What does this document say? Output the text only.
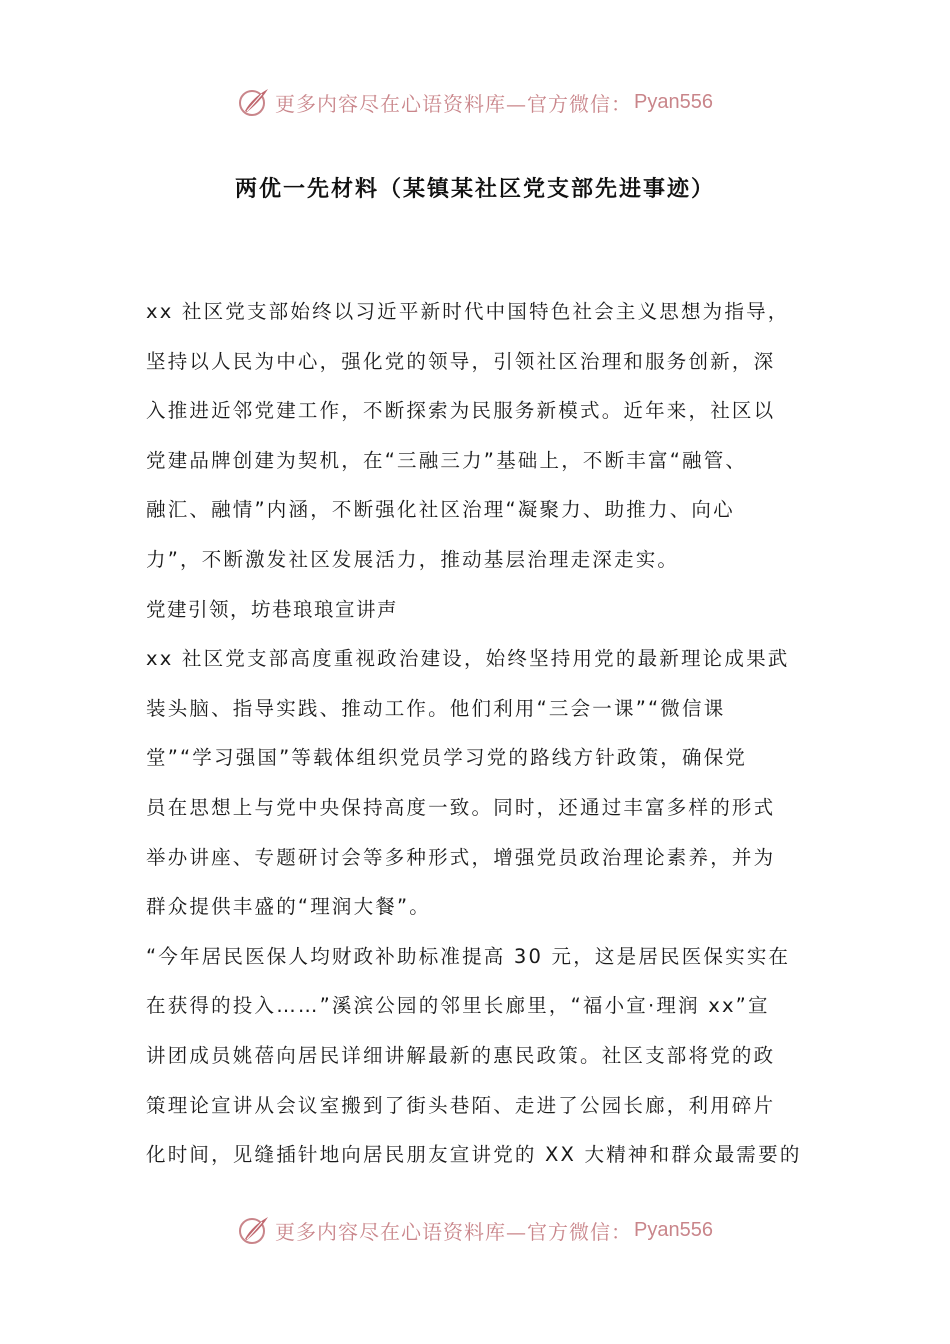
更多内容尽在心语资料库—官方微信： Pyan556
两优一先材料（某镇某社区党支部先进事迹）
xx 社区党支部始终以习近平新时代中国特色社会主义思想为指导，
坚持以人民为中心，强化党的领导，引领社区治理和服务创新，深
入推进近邻党建工作，不断探索为民服务新模式。近年来，社区以
党建品牌创建为契机，在“三融三力”基础上，不断丰富“融管、
融汇、融情”内涵，不断强化社区治理“凝聚力、助推力、向心
力”，不断激发社区发展活力，推动基层治理走深走实。
党建引领，坊巷琅琅宣讲声
xx 社区党支部高度重视政治建设，始终坚持用党的最新理论成果武
装头脑、指导实践、推动工作。他们利用“三会一课”“微信课
堂”“学习强国”等载体组织党员学习党的路线方针政策，确保党
员在思想上与党中央保持高度一致。同时，还通过丰富多样的形式
举办讲座、专题研讨会等多种形式，增强党员政治理论素养，并为
群众提供丰盛的“理润大餐”。
“今年居民医保人均财政补助标准提高 30 元，这是居民医保实实在
在获得的投入……”溪滨公园的邻里长廊里，“福小宣·理润 xx”宣
讲团成员姚蓓向居民详细讲解最新的惠民政策。社区支部将党的政
策理论宣讲从会议室搬到了街头巷陌、走进了公园长廊，利用碎片
化时间，见缝插针地向居民朋友宣讲党的 XX 大精神和群众最需要的
更多内容尽在心语资料库—官方微信： Pyan556
